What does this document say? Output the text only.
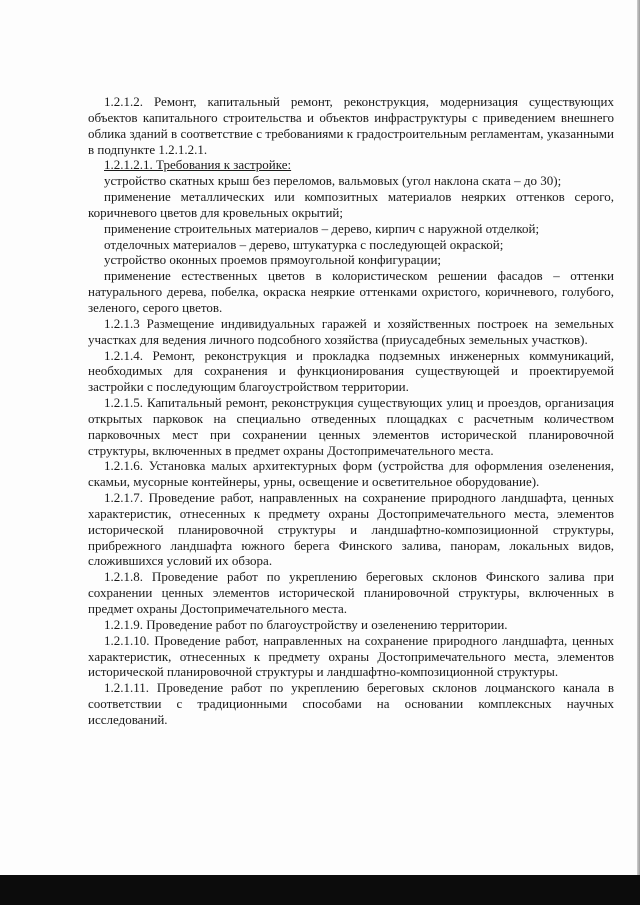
1.2.1.2. Ремонт, капитальный ремонт, реконструкция, модернизация существующих объектов капитального строительства и объектов инфраструктуры с приведением внешнего облика зданий в соответствие с требованиями к градостроительным регламентам, указанными в подпункте 1.2.1.2.1.

1.2.1.2.1. Требования к застройке:

устройство скатных крыш без переломов, вальмовых (угол наклона ската – до 30);

применение металлических или композитных материалов неярких оттенков серого, коричневого цветов для кровельных окрытий;

применение строительных материалов – дерево, кирпич с наружной отделкой;

отделочных материалов – дерево, штукатурка с последующей окраской;

устройство оконных проемов прямоугольной конфигурации;

применение естественных цветов в колористическом решении фасадов – оттенки натурального дерева, побелка, окраска неяркие оттенками охристого, коричневого, голубого, зеленого, серого цветов.

1.2.1.3 Размещение индивидуальных гаражей и хозяйственных построек на земельных участках для ведения личного подсобного хозяйства (приусадебных земельных участков).

1.2.1.4. Ремонт, реконструкция и прокладка подземных инженерных коммуникаций, необходимых для сохранения и функционирования существующей и проектируемой застройки с последующим благоустройством территории.

1.2.1.5. Капитальный ремонт, реконструкция существующих улиц и проездов, организация открытых парковок на специально отведенных площадках с расчетным количеством парковочных мест при сохранении ценных элементов исторической планировочной структуры, включенных в предмет охраны Достопримечательного места.

1.2.1.6. Установка малых архитектурных форм (устройства для оформления озеленения, скамьи, мусорные контейнеры, урны, освещение и осветительное оборудование).

1.2.1.7. Проведение работ, направленных на сохранение природного ландшафта, ценных характеристик, отнесенных к предмету охраны Достопримечательного места, элементов исторической планировочной структуры и ландшафтно-композиционной структуры, прибрежного ландшафта южного берега Финского залива, панорам, локальных видов, сложившихся условий их обзора.

1.2.1.8. Проведение работ по укреплению береговых склонов Финского залива при сохранении ценных элементов исторической планировочной структуры, включенных в предмет охраны Достопримечательного места.

1.2.1.9. Проведение работ по благоустройству и озеленению территории.

1.2.1.10. Проведение работ, направленных на сохранение природного ландшафта, ценных характеристик, отнесенных к предмету охраны Достопримечательного места, элементов исторической планировочной структуры и ландшафтно-композиционной структуры.

1.2.1.11. Проведение работ по укреплению береговых склонов лоцманского канала в соответствии с традиционными способами на основании комплексных научных исследований.
